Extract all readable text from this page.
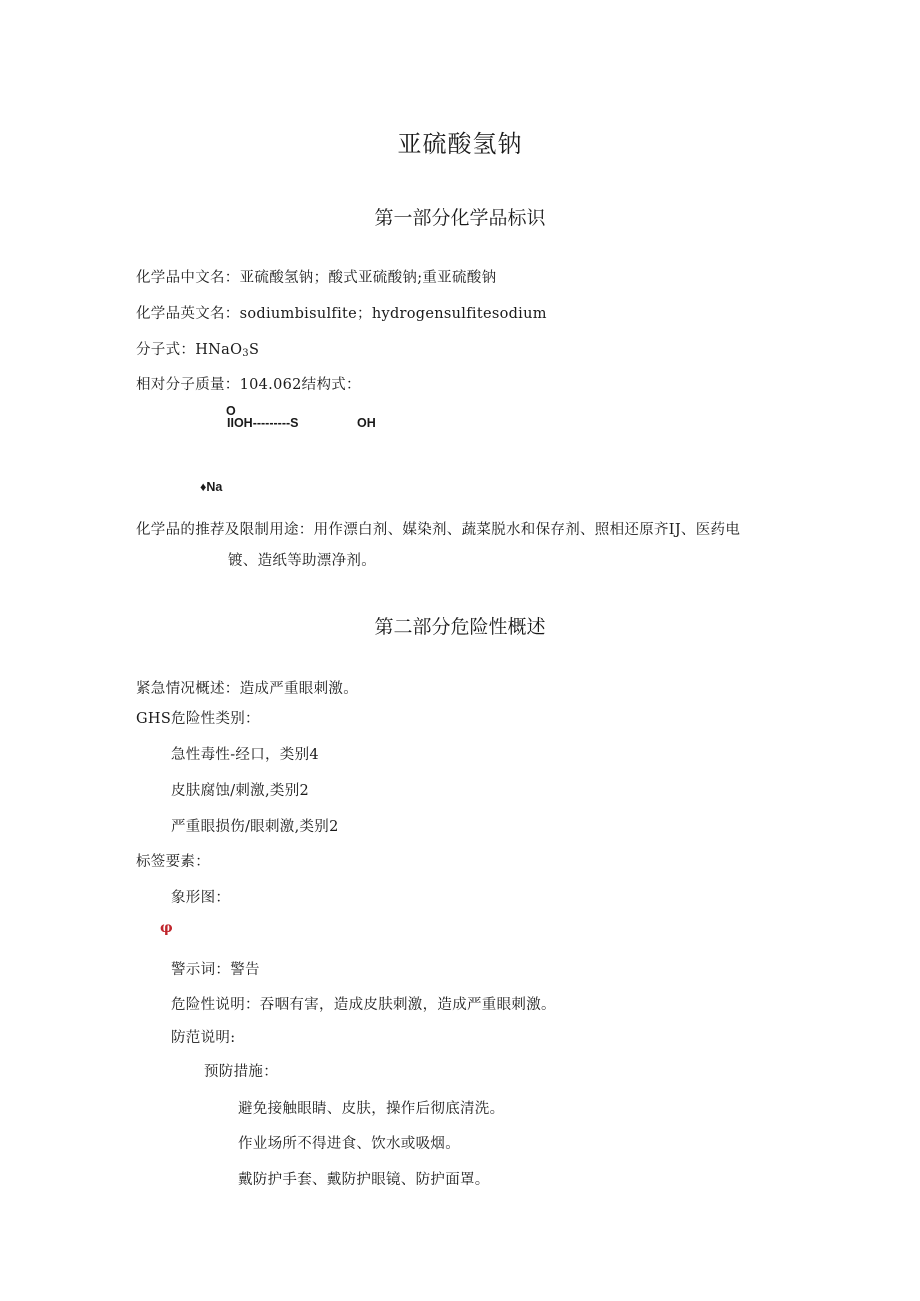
亚硫酸氢钠
第一部分化学品标识
化学品中文名：亚硫酸氢钠；酸式亚硫酸钠;重亚硫酸钠
化学品英文名：sodiumbisulfite；hydrogensulfitesodium
分子式：HNaO$_3$S
相对分子质量：104.062结构式：
O
IIOH---------S	OH
♦Na
化学品的推荐及限制用途：用作漂白剂、媒染剂、蔬菜脱水和保存剂、照相还原齐IJ、医药电
镀、造纸等助漂净剂。
第二部分危险性概述
紧急情况概述：造成严重眼刺激。
GHS危险性类别：
急性毒性-经口，类别4
皮肤腐蚀/刺激,类别2
严重眼损伤/眼刺激,类别2
标签要素：
象形图：
φ
警示词：警告
危险性说明：吞咽有害，造成皮肤刺激，造成严重眼刺激。
防范说明:
预防措施：
避免接触眼睛、皮肤，操作后彻底清洗。
作业场所不得进食、饮水或吸烟。
戴防护手套、戴防护眼镜、防护面罩。
